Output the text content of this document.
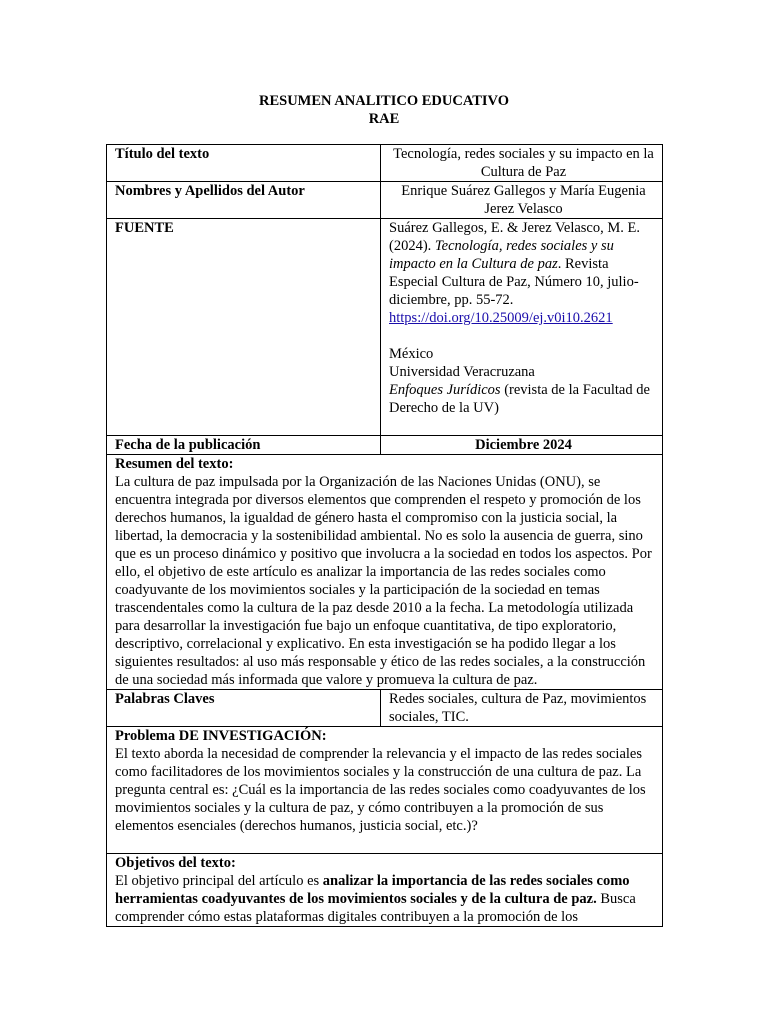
RESUMEN ANALITICO EDUCATIVO
RAE
Título del texto	Tecnología, redes sociales y su impacto en la Cultura de Paz
Nombres y Apellidos del Autor	Enrique Suárez Gallegos y María Eugenia Jerez Velasco
FUENTE	Suárez Gallegos, E. & Jerez Velasco, M. E. (2024). Tecnología, redes sociales y su impacto en la Cultura de paz. Revista Especial Cultura de Paz, Número 10, julio-diciembre, pp. 55-72.
https://doi.org/10.25009/ej.v0i10.2621
México
Universidad Veracruzana
Enfoques Jurídicos (revista de la Facultad de Derecho de la UV)
Fecha de la publicación	Diciembre 2024

Resumen del texto:
La cultura de paz impulsada por la Organización de las Naciones Unidas (ONU), se encuentra integrada por diversos elementos que comprenden el respeto y promoción de los derechos humanos, la igualdad de género hasta el compromiso con la justicia social, la libertad, la democracia y la sostenibilidad ambiental. No es solo la ausencia de guerra, sino que es un proceso dinámico y positivo que involucra a la sociedad en todos los aspectos. Por ello, el objetivo de este artículo es analizar la importancia de las redes sociales como coadyuvante de los movimientos sociales y la participación de la sociedad en temas trascendentales como la cultura de la paz desde 2010 a la fecha. La metodología utilizada para desarrollar la investigación fue bajo un enfoque cuantitativa, de tipo exploratorio, descriptivo, correlacional y explicativo. En esta investigación se ha podido llegar a los siguientes resultados: al uso más responsable y ético de las redes sociales, a la construcción de una sociedad más informada que valore y promueva la cultura de paz.	
Palabras Claves	Redes sociales, cultura de Paz, movimientos sociales, TIC.

Problema DE INVESTIGACIÓN:
El texto aborda la necesidad de comprender la relevancia y el impacto de las redes sociales como facilitadores de los movimientos sociales y la construcción de una cultura de paz. La pregunta central es: ¿Cuál es la importancia de las redes sociales como coadyuvantes de los movimientos sociales y la cultura de paz, y cómo contribuyen a la promoción de sus elementos esenciales (derechos humanos, justicia social, etc.)?	

Objetivos del texto:
El objetivo principal del artículo es analizar la importancia de las redes sociales como herramientas coadyuvantes de los movimientos sociales y de la cultura de paz. Busca comprender cómo estas plataformas digitales contribuyen a la promoción de los	
